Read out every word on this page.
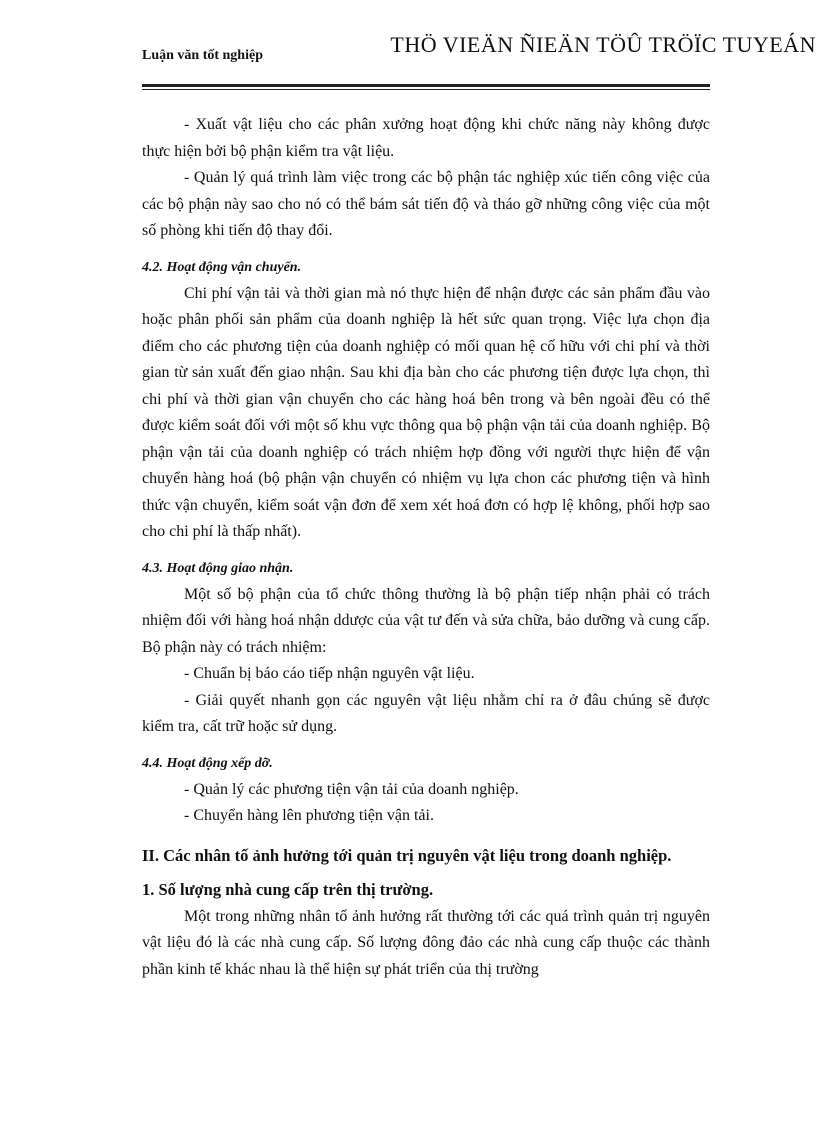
Luận văn tốt nghiệp	THÖ VIEÄN ÑIEÄN TÖÛ TRÖÏC TUYEÁN

- Xuất vật liệu cho các phân xưởng hoạt động khi chức năng này không được thực hiện bởi bộ phận kiểm tra vật liệu.

- Quản lý quá trình làm việc trong các bộ phận tác nghiệp xúc tiến công việc của các bộ phận này sao cho nó có thể bám sát tiến độ và tháo gỡ những công việc của một số phòng khi tiến độ thay đổi.

4.2. Hoạt động vận chuyển.

Chi phí vận tải và thời gian mà nó thực hiện để nhận được các sản phẩm đầu vào hoặc phân phối sản phẩm của doanh nghiệp là hết sức quan trọng. Việc lựa chọn địa điểm cho các phương tiện của doanh nghiệp có mối quan hệ cố hữu với chi phí và thời gian từ sản xuất đến giao nhận. Sau khi địa bàn cho các phương tiện được lựa chọn, thì chi phí và thời gian vận chuyển cho các hàng hoá bên trong và bên ngoài đều có thể được kiểm soát đối với một số khu vực thông qua bộ phận vận tải của doanh nghiệp. Bộ phận vận tải của doanh nghiệp có trách nhiệm hợp đồng với người thực hiện để vận chuyển hàng hoá (bộ phận vận chuyển có nhiệm vụ lựa chon các phương tiện và hình thức vận chuyển, kiểm soát vận đơn để xem xét hoá đơn có hợp lệ không, phối hợp sao cho chi phí là thấp nhất).

4.3. Hoạt động giao nhận.

Một số bộ phận của tổ chức thông thường là bộ phận tiếp nhận phải có trách nhiệm đối với hàng hoá nhận ddược của vật tư đến và sửa chữa, bảo dưỡng và cung cấp. Bộ phận này có trách nhiệm:

- Chuẩn bị báo cáo tiếp nhận nguyên vật liệu.

- Giải quyết nhanh gọn các nguyên vật liệu nhằm chỉ ra ở đâu chúng sẽ được kiểm tra, cất trữ hoặc sử dụng.

4.4. Hoạt động xếp dỡ.

- Quản lý các phương tiện vận tải của doanh nghiệp.

- Chuyển hàng lên phương tiện vận tải.

II. Các nhân tố ảnh hưởng tới quản trị nguyên vật liệu trong doanh nghiệp.

1. Số lượng nhà cung cấp trên thị trường.

Một trong những nhân tố ảnh hưởng rất thường tới các quá trình quản trị nguyên vật liệu đó là các nhà cung cấp. Số lượng đông đảo các nhà cung cấp thuộc các thành phần kinh tế khác nhau là thể hiện sự phát triển của thị trường
